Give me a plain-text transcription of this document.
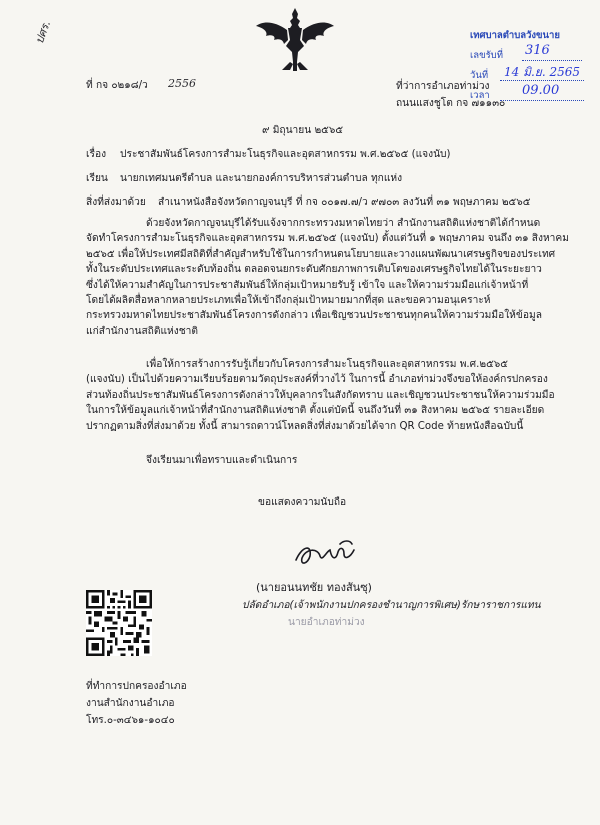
ปศร.	เทศบาลตำบลวังขนาย
เลขรับที่
วันที่
เวลา
316
14 มิ.ย. 2565
09.00
ที่ กจ ๐๒๑๘/ว 2556	ที่ว่าการอำเภอท่าม่วง
ถนนแสงชูโต กจ ๗๑๑๓๐
๙ มิถุนายน ๒๕๖๕
เรื่อง ประชาสัมพันธ์โครงการสำมะโนธุรกิจและอุตสาหกรรม พ.ศ.๒๕๖๕ (แจงนับ)
เรียน นายกเทศมนตรีตำบล และนายกองค์การบริหารส่วนตำบล ทุกแห่ง
สิ่งที่ส่งมาด้วย สำเนาหนังสือจังหวัดกาญจนบุรี ที่ กจ ๐๐๑๗.๗/ว ๙๗๐๓ ลงวันที่ ๓๑ พฤษภาคม ๒๕๖๕
ด้วยจังหวัดกาญจนบุรีได้รับแจ้งจากกระทรวงมหาดไทยว่า สำนักงานสถิติแห่งชาติได้กำหนด
จัดทำโครงการสำมะโนธุรกิจและอุตสาหกรรม พ.ศ.๒๕๖๕ (แจงนับ) ตั้งแต่วันที่ ๑ พฤษภาคม จนถึง ๓๑ สิงหาคม
๒๕๖๕ เพื่อให้ประเทศมีสถิติที่สำคัญสำหรับใช้ในการกำหนดนโยบายและวางแผนพัฒนาเศรษฐกิจของประเทศ
ทั้งในระดับประเทศและระดับท้องถิ่น ตลอดจนยกระดับศักยภาพการเติบโตของเศรษฐกิจไทยได้ในระยะยาว
ซึ่งได้ให้ความสำคัญในการประชาสัมพันธ์ให้กลุ่มเป้าหมายรับรู้ เข้าใจ และให้ความร่วมมือแก่เจ้าหน้าที่
โดยได้ผลิตสื่อหลากหลายประเภทเพื่อให้เข้าถึงกลุ่มเป้าหมายมากที่สุด และขอความอนุเคราะห์
กระทรวงมหาดไทยประชาสัมพันธ์โครงการดังกล่าว เพื่อเชิญชวนประชาชนทุกคนให้ความร่วมมือให้ข้อมูล
แก่สำนักงานสถิติแห่งชาติ
เพื่อให้การสร้างการรับรู้เกี่ยวกับโครงการสำมะโนธุรกิจและอุตสาหกรรม พ.ศ.๒๕๖๕
(แจงนับ) เป็นไปด้วยความเรียบร้อยตามวัตถุประสงค์ที่วางไว้ ในการนี้ อำเภอท่าม่วงจึงขอให้องค์กรปกครอง
ส่วนท้องถิ่นประชาสัมพันธ์โครงการดังกล่าวให้บุคลากรในสังกัดทราบ และเชิญชวนประชาชนให้ความร่วมมือ
ในการให้ข้อมูลแก่เจ้าหน้าที่สำนักงานสถิติแห่งชาติ ตั้งแต่บัดนี้ จนถึงวันที่ ๓๑ สิงหาคม ๒๕๖๕ รายละเอียด
ปรากฏตามสิ่งที่ส่งมาด้วย ทั้งนี้ สามารถดาวน์โหลดสิ่งที่ส่งมาด้วยได้จาก QR Code ท้ายหนังสือฉบับนี้
จึงเรียนมาเพื่อทราบและดำเนินการ
ขอแสดงความนับถือ
(นายอนนทชัย ทองสันซุ)
ปลัดอำเภอ(เจ้าพนักงานปกครองชำนาญการพิเศษ)รักษาราชการแทน
นายอำเภอท่าม่วง
ที่ทำการปกครองอำเภอ
งานสำนักงานอำเภอ
โทร.๐-๓๔๖๑-๑๐๔๐
